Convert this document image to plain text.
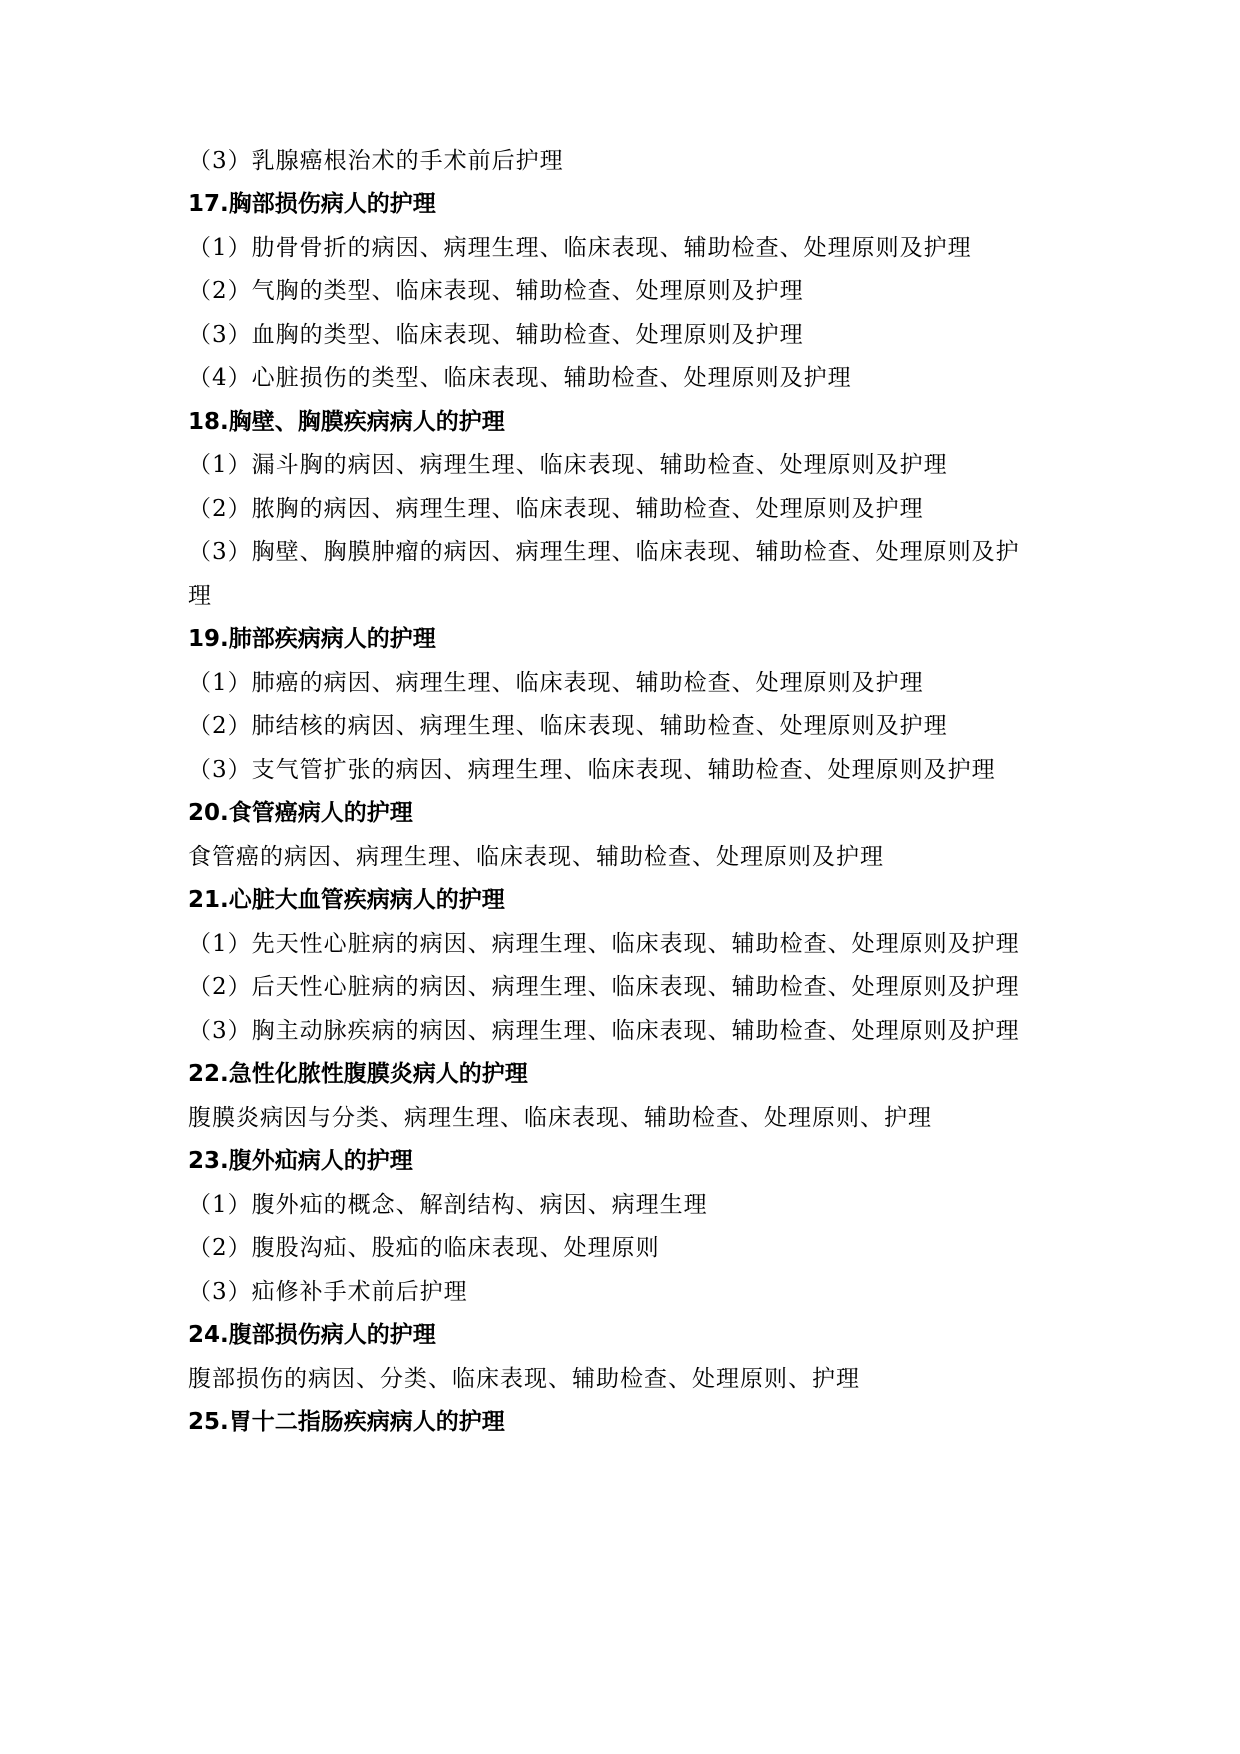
（3）乳腺癌根治术的手术前后护理
17.胸部损伤病人的护理
（1）肋骨骨折的病因、病理生理、临床表现、辅助检查、处理原则及护理
（2）气胸的类型、临床表现、辅助检查、处理原则及护理
（3）血胸的类型、临床表现、辅助检查、处理原则及护理
（4）心脏损伤的类型、临床表现、辅助检查、处理原则及护理
18.胸壁、胸膜疾病病人的护理
（1）漏斗胸的病因、病理生理、临床表现、辅助检查、处理原则及护理
（2）脓胸的病因、病理生理、临床表现、辅助检查、处理原则及护理
（3）胸壁、胸膜肿瘤的病因、病理生理、临床表现、辅助检查、处理原则及护
理
19.肺部疾病病人的护理
（1）肺癌的病因、病理生理、临床表现、辅助检查、处理原则及护理
（2）肺结核的病因、病理生理、临床表现、辅助检查、处理原则及护理
（3）支气管扩张的病因、病理生理、临床表现、辅助检查、处理原则及护理
20.食管癌病人的护理
食管癌的病因、病理生理、临床表现、辅助检查、处理原则及护理
21.心脏大血管疾病病人的护理
（1）先天性心脏病的病因、病理生理、临床表现、辅助检查、处理原则及护理
（2）后天性心脏病的病因、病理生理、临床表现、辅助检查、处理原则及护理
（3）胸主动脉疾病的病因、病理生理、临床表现、辅助检查、处理原则及护理
22.急性化脓性腹膜炎病人的护理
腹膜炎病因与分类、病理生理、临床表现、辅助检查、处理原则、护理
23.腹外疝病人的护理
（1）腹外疝的概念、解剖结构、病因、病理生理
（2）腹股沟疝、股疝的临床表现、处理原则
（3）疝修补手术前后护理
24.腹部损伤病人的护理
腹部损伤的病因、分类、临床表现、辅助检查、处理原则、护理
25.胃十二指肠疾病病人的护理
